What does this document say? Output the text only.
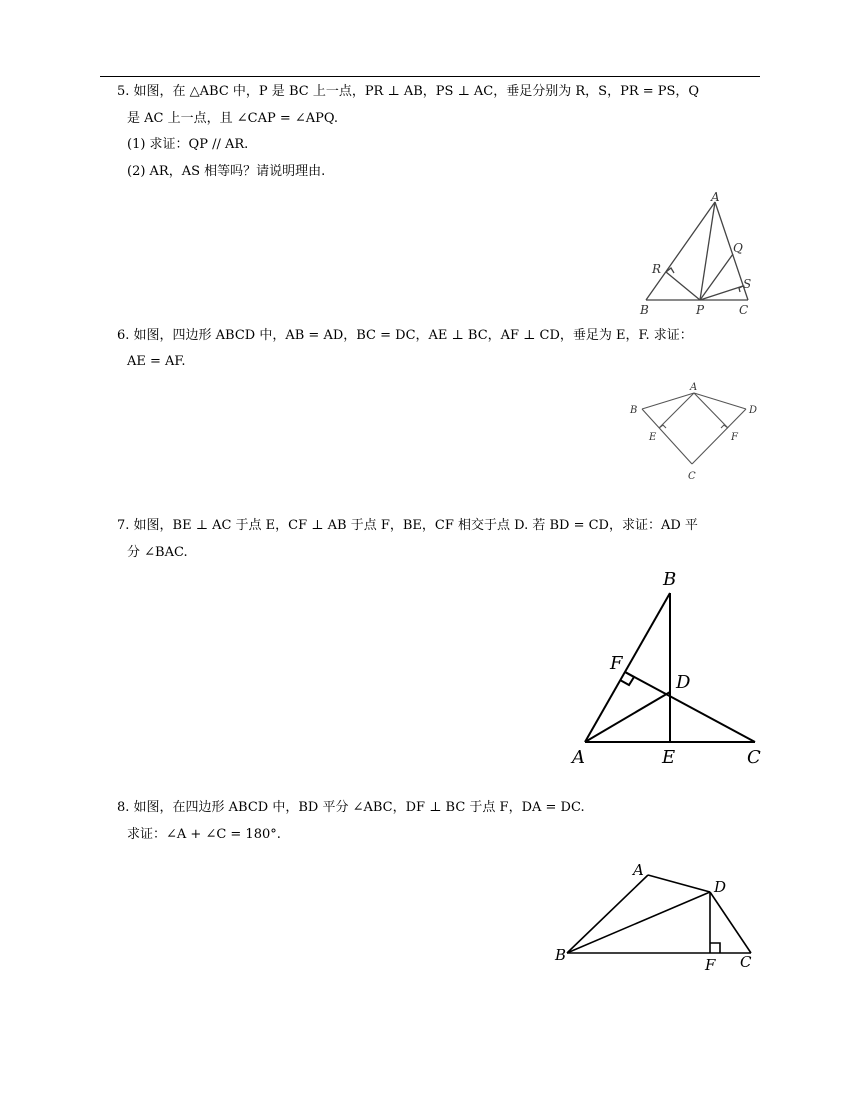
5. 如图，在 △ABC 中，P 是 BC 上一点，PR ⊥ AB，PS ⊥ AC，垂足分别为 R，S，PR = PS，Q
是 AC 上一点，且 ∠CAP = ∠APQ.
(1) 求证：QP // AR.
(2) AR，AS 相等吗？请说明理由.
A
B	C
P
Q
R
S
6. 如图，四边形 ABCD 中，AB = AD，BC = DC，AE ⊥ BC，AF ⊥ CD，垂足为 E，F. 求证：
AE = AF.
A
B
C
D
E	F
7. 如图，BE ⊥ AC 于点 E，CF ⊥ AB 于点 F，BE，CF 相交于点 D. 若 BD = CD，求证：AD 平
分 ∠BAC.
B
F
D
A	E	C
8. 如图，在四边形 ABCD 中，BD 平分 ∠ABC，DF ⊥ BC 于点 F，DA = DC.
求证：∠A + ∠C = 180°.
A
D
B
F C
